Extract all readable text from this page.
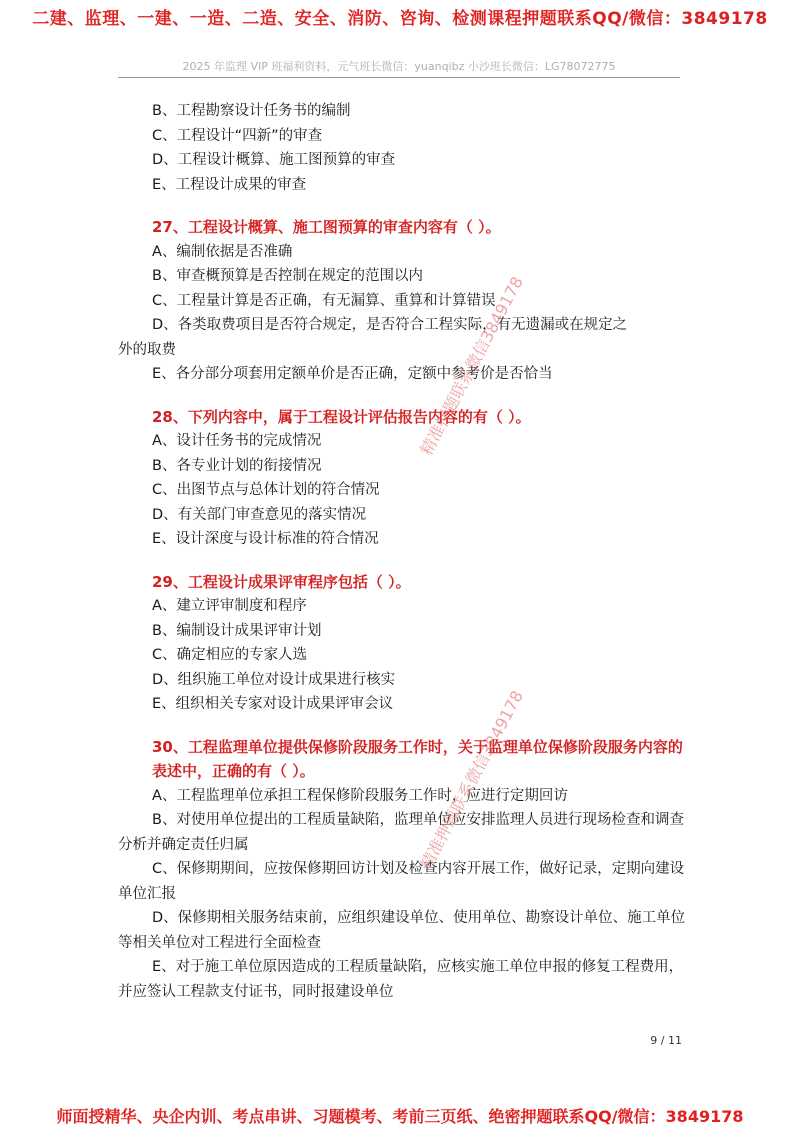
二建、监理、一建、一造、二造、安全、消防、咨询、检测课程押题联系QQ/微信：3849178
2025 年监理 VIP 班福利资料，元气班长微信：yuanqibz 小沙班长微信：LG78072775
B、工程勘察设计任务书的编制
C、工程设计“四新”的审查
D、工程设计概算、施工图预算的审查
E、工程设计成果的审查
27、工程设计概算、施工图预算的审查内容有（ ）。
A、编制依据是否准确
B、审查概预算是否控制在规定的范围以内
C、工程量计算是否正确，有无漏算、重算和计算错误
D、各类取费项目是否符合规定，是否符合工程实际，有无遗漏或在规定之
外的取费
E、各分部分项套用定额单价是否正确，定额中参考价是否恰当
28、下列内容中，属于工程设计评估报告内容的有（ ）。
A、设计任务书的完成情况
B、各专业计划的衔接情况
C、出图节点与总体计划的符合情况
D、有关部门审查意见的落实情况
E、设计深度与设计标准的符合情况
29、工程设计成果评审程序包括（ ）。
A、建立评审制度和程序
B、编制设计成果评审计划
C、确定相应的专家人选
D、组织施工单位对设计成果进行核实
E、组织相关专家对设计成果评审会议
30、工程监理单位提供保修阶段服务工作时，关于监理单位保修阶段服务内容的表述中，正确的有（ ）。
A、工程监理单位承担工程保修阶段服务工作时，应进行定期回访
B、对使用单位提出的工程质量缺陷，监理单位应安排监理人员进行现场检查和调查分析并确定责任归属
C、保修期期间，应按保修期回访计划及检查内容开展工作，做好记录，定期向建设单位汇报
D、保修期相关服务结束前，应组织建设单位、使用单位、勘察设计单位、施工单位等相关单位对工程进行全面检查
E、对于施工单位原因造成的工程质量缺陷，应核实施工单位申报的修复工程费用，并应签认工程款支付证书，同时报建设单位
精准押题联系微信3849178
精准押题联系微信3849178
9 / 11
师面授精华、央企内训、考点串讲、习题模考、考前三页纸、绝密押题联系QQ/微信：3849178
